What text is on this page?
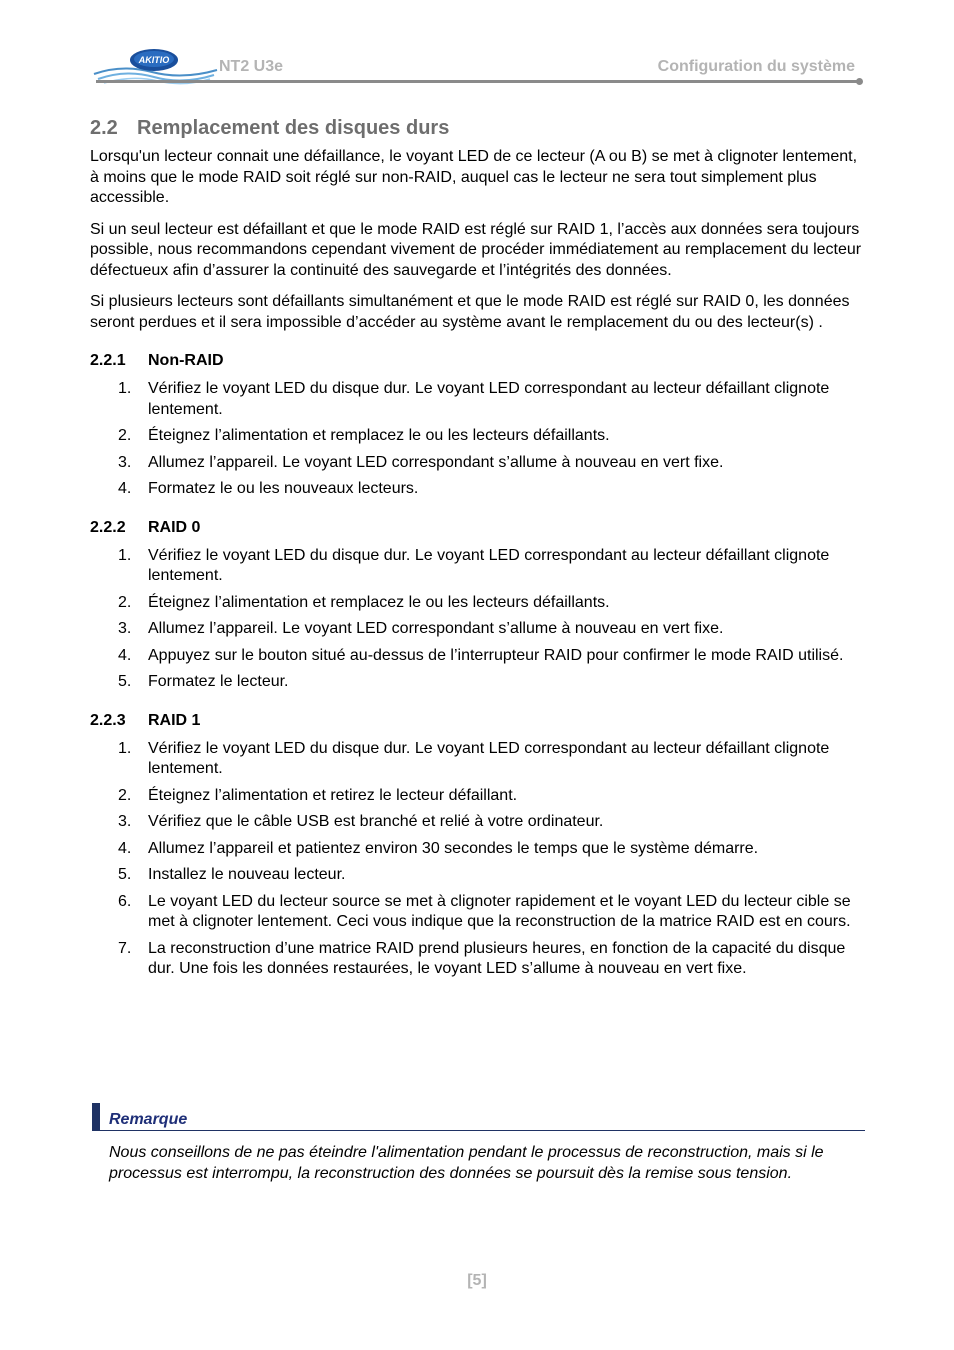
AKITIO	NT2 U3e	Configuration du système
2.2 Remplacement des disques durs

Lorsqu'un lecteur connait une défaillance, le voyant LED de ce lecteur (A ou B) se met à clignoter lentement, à moins que le mode RAID soit réglé sur non-RAID, auquel cas le lecteur ne sera tout simplement plus accessible.

Si un seul lecteur est défaillant et que le mode RAID est réglé sur RAID 1, l’accès aux données sera toujours possible, nous recommandons cependant vivement de procéder immédiatement au remplacement du lecteur défectueux afin d’assurer la continuité des sauvegarde et l’intégrités des données.

Si plusieurs lecteurs sont défaillants simultanément et que le mode RAID est réglé sur RAID 0, les données seront perdues et il sera impossible d’accéder au système avant le remplacement du ou des lecteur(s) .

2.2.1 Non-RAID
1. Vérifiez le voyant LED du disque dur. Le voyant LED correspondant au lecteur défaillant clignote lentement.
2. Éteignez l’alimentation et remplacez le ou les lecteurs défaillants.
3. Allumez l’appareil. Le voyant LED correspondant s’allume à nouveau en vert fixe.
4. Formatez le ou les nouveaux lecteurs.
2.2.2 RAID 0
1. Vérifiez le voyant LED du disque dur. Le voyant LED correspondant au lecteur défaillant clignote lentement.
2. Éteignez l’alimentation et remplacez le ou les lecteurs défaillants.
3. Allumez l’appareil. Le voyant LED correspondant s’allume à nouveau en vert fixe.
4. Appuyez sur le bouton situé au-dessus de l’interrupteur RAID pour confirmer le mode RAID utilisé.
5. Formatez le lecteur.
2.2.3 RAID 1
1. Vérifiez le voyant LED du disque dur. Le voyant LED correspondant au lecteur défaillant clignote lentement.
2. Éteignez l’alimentation et retirez le lecteur défaillant.
3. Vérifiez que le câble USB est branché et relié à votre ordinateur.
4. Allumez l’appareil et patientez environ 30 secondes le temps que le système démarre.
5. Installez le nouveau lecteur.
6. Le voyant LED du lecteur source se met à clignoter rapidement et le voyant LED du lecteur cible se met à clignoter lentement. Ceci vous indique que la reconstruction de la matrice RAID est en cours.
7. La reconstruction d’une matrice RAID prend plusieurs heures, en fonction de la capacité du disque dur. Une fois les données restaurées, le voyant LED s’allume à nouveau en vert fixe.
Remarque
Nous conseillons de ne pas éteindre l'alimentation pendant le processus de reconstruction, mais si le processus est interrompu, la reconstruction des données se poursuit dès la remise sous tension.
[5]
